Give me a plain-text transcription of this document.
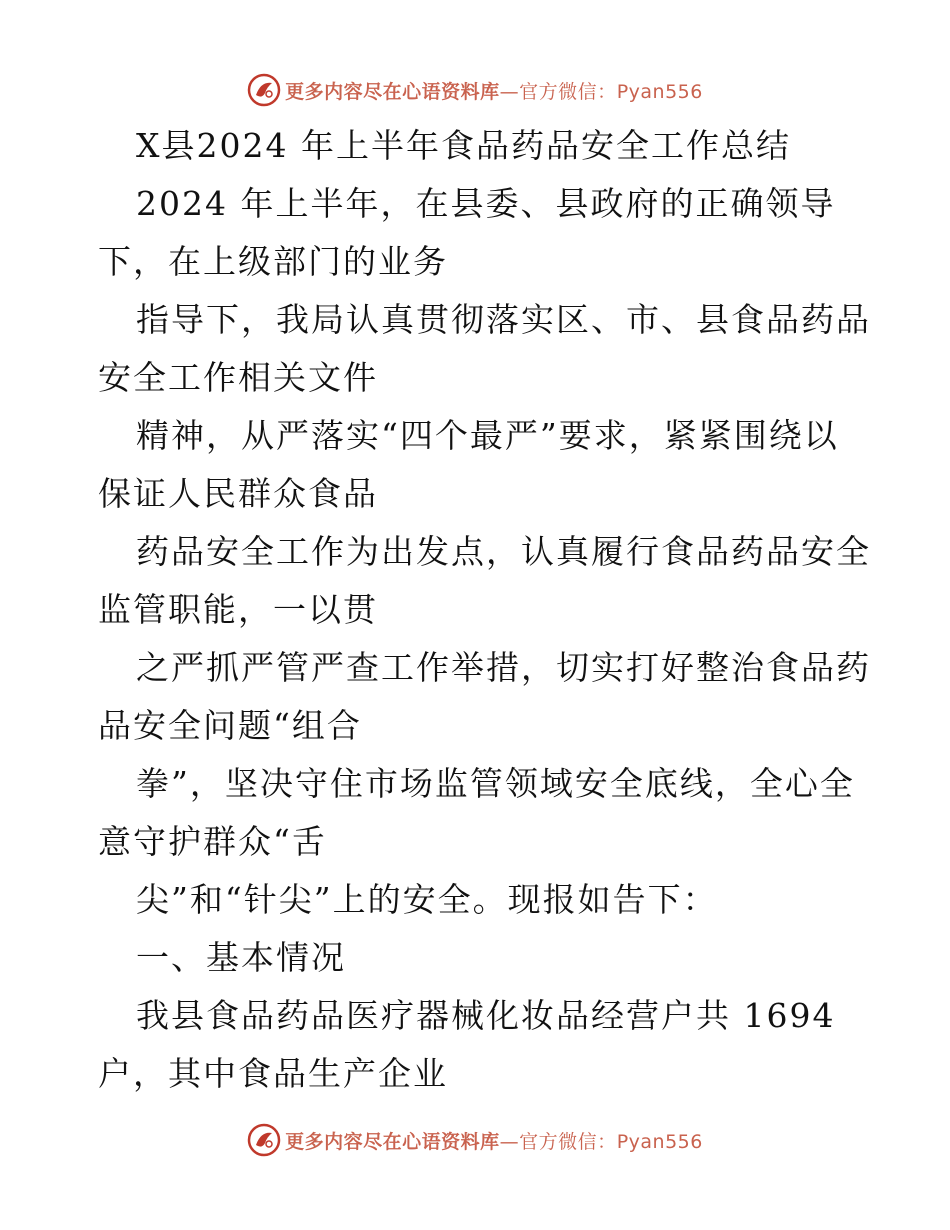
更多内容尽在心语资料库—官方微信：Pyan556

X县2024 年上半年食品药品安全工作总结

2024 年上半年，在县委、县政府的正确领导

下，在上级部门的业务

指导下，我局认真贯彻落实区、市、县食品药品

安全工作相关文件

精神，从严落实“四个最严”要求，紧紧围绕以

保证人民群众食品

药品安全工作为出发点，认真履行食品药品安全

监管职能，一以贯

之严抓严管严查工作举措，切实打好整治食品药

品安全问题“组合

拳”，坚决守住市场监管领域安全底线，全心全

意守护群众“舌

尖”和“针尖”上的安全。现报如告下：

一、基本情况

我县食品药品医疗器械化妆品经营户共 1694

户，其中食品生产企业

更多内容尽在心语资料库—官方微信：Pyan556
